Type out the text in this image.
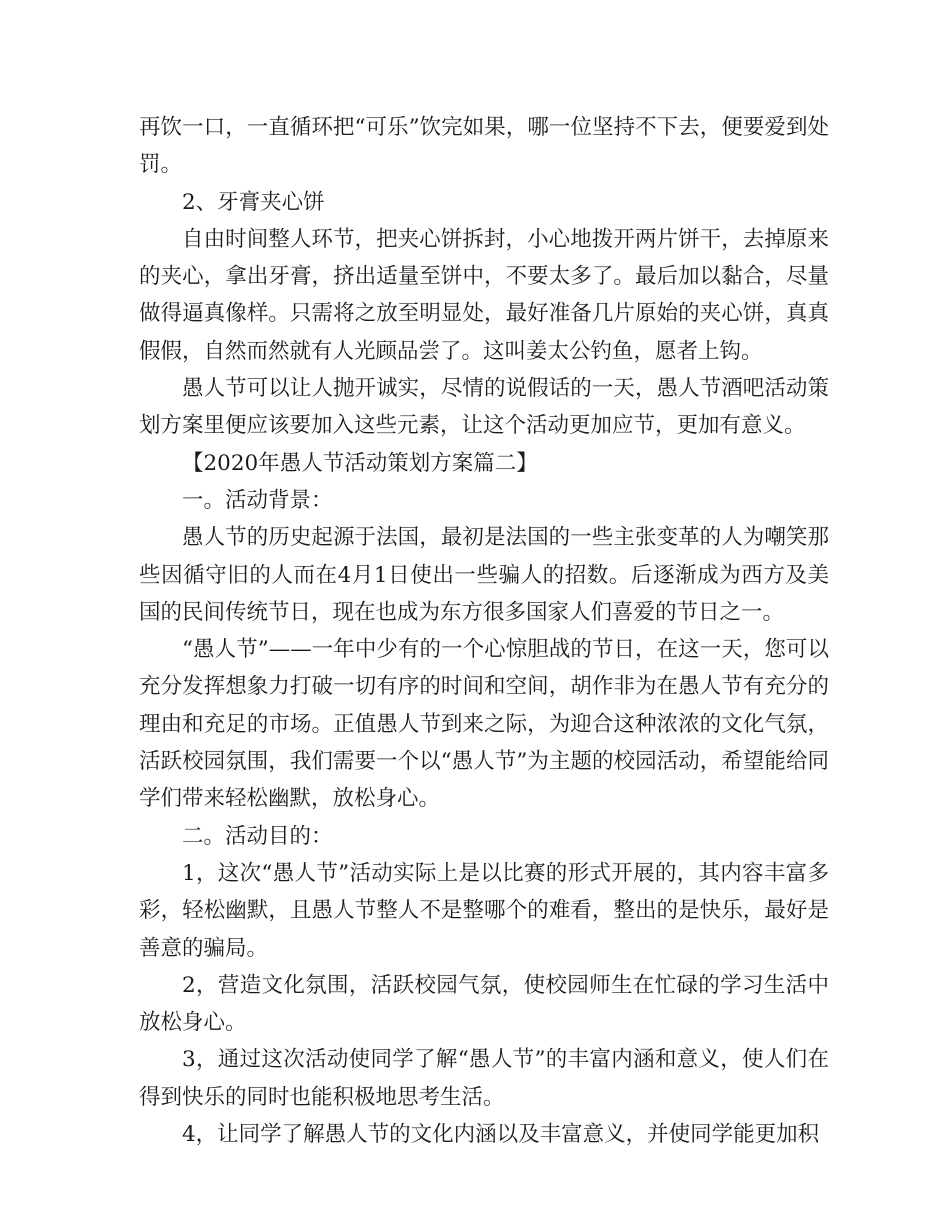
再饮一口，一直循环把“可乐”饮完如果，哪一位坚持不下去，便要爱到处罚。

2、牙膏夹心饼

自由时间整人环节，把夹心饼拆封，小心地拨开两片饼干，去掉原来的夹心，拿出牙膏，挤出适量至饼中，不要太多了。最后加以黏合，尽量做得逼真像样。只需将之放至明显处，最好准备几片原始的夹心饼，真真假假，自然而然就有人光顾品尝了。这叫姜太公钓鱼，愿者上钩。

愚人节可以让人抛开诚实，尽情的说假话的一天，愚人节酒吧活动策划方案里便应该要加入这些元素，让这个活动更加应节，更加有意义。

【2020年愚人节活动策划方案篇二】

一。活动背景：

愚人节的历史起源于法国，最初是法国的一些主张变革的人为嘲笑那些因循守旧的人而在4月1日使出一些骗人的招数。后逐渐成为西方及美国的民间传统节日，现在也成为东方很多国家人们喜爱的节日之一。

“愚人节”——一年中少有的一个心惊胆战的节日，在这一天，您可以充分发挥想象力打破一切有序的时间和空间，胡作非为在愚人节有充分的理由和充足的市场。正值愚人节到来之际，为迎合这种浓浓的文化气氛，活跃校园氛围，我们需要一个以“愚人节”为主题的校园活动，希望能给同学们带来轻松幽默，放松身心。

二。活动目的：

1，这次“愚人节”活动实际上是以比赛的形式开展的，其内容丰富多彩，轻松幽默，且愚人节整人不是整哪个的难看，整出的是快乐，最好是善意的骗局。

2，营造文化氛围，活跃校园气氛，使校园师生在忙碌的学习生活中放松身心。

3，通过这次活动使同学了解“愚人节”的丰富内涵和意义，使人们在得到快乐的同时也能积极地思考生活。

4，让同学了解愚人节的文化内涵以及丰富意义，并使同学能更加积
